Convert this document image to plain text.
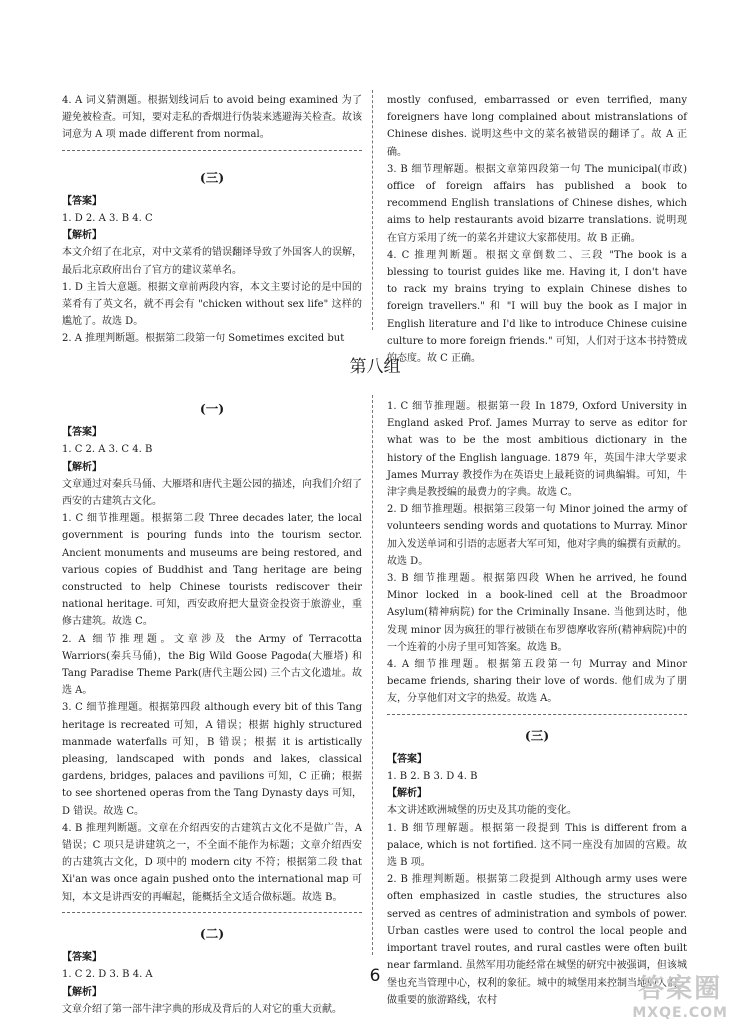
4. A 词义猜测题。根据划线词后 to avoid being examined 为了避免被检查。可知，要对走私的香烟进行伪装来逃避海关检查。故该词意为 A 项 made different from normal。

(三)

【答案】

1. D 2. A 3. B 4. C

【解析】

本文介绍了在北京，对中文菜肴的错误翻译导致了外国客人的误解，最后北京政府出台了官方的建议菜单名。

1. D 主旨大意题。根据文章前两段内容，本文主要讨论的是中国的菜肴有了英文名，就不再会有 "chicken without sex life" 这样的尴尬了。故选 D。

2. A 推理判断题。根据第二段第一句 Sometimes excited but

mostly confused, embarrassed or even terrified, many foreigners have long complained about mistranslations of Chinese dishes. 说明这些中文的菜名被错误的翻译了。故 A 正确。

3. B 细节理解题。根据文章第四段第一句 The municipal(市政) office of foreign affairs has published a book to recommend English translations of Chinese dishes, which aims to help restaurants avoid bizarre translations. 说明现在官方采用了统一的菜名并建议大家都使用。故 B 正确。

4. C 推理判断题。根据文章倒数二、三段 "The book is a blessing to tourist guides like me. Having it, I don't have to rack my brains trying to explain Chinese dishes to foreign travellers." 和 "I will buy the book as I major in English literature and I'd like to introduce Chinese cuisine culture to more foreign friends." 可知，人们对于这本书持赞成的态度。故 C 正确。

第八组
(一)

【答案】

1. C 2. A 3. C 4. B

【解析】

文章通过对秦兵马俑、大雁塔和唐代主题公园的描述，向我们介绍了西安的古建筑古文化。

1. C 细节推理题。根据第二段 Three decades later, the local government is pouring funds into the tourism sector. Ancient monuments and museums are being restored, and various copies of Buddhist and Tang heritage are being constructed to help Chinese tourists rediscover their national heritage. 可知，西安政府把大量资金投资于旅游业，重修古建筑。故选 C。

2. A 细节推理题。文章涉及 the Army of Terracotta Warriors(秦兵马俑)，the Big Wild Goose Pagoda(大雁塔) 和 Tang Paradise Theme Park(唐代主题公园) 三个古文化遗址。故选 A。

3. C 细节推理题。根据第四段 although every bit of this Tang heritage is recreated 可知，A 错误；根据 highly structured manmade waterfalls 可知，B 错误；根据 it is artistically pleasing, landscaped with ponds and lakes, classical gardens, bridges, palaces and pavilions 可知，C 正确；根据 to see shortened operas from the Tang Dynasty days 可知，D 错误。故选 C。

4. B 推理判断题。文章在介绍西安的古建筑古文化不是做广告，A 错误；C 项只是讲建筑之一，不全面不能作为标题；文章介绍西安的古建筑古文化，D 项中的 modern city 不符；根据第二段 that Xi'an was once again pushed onto the international map 可知，本文是讲西安的再崛起，能概括全文适合做标题。故选 B。

(二)

【答案】

1. C 2. D 3. B 4. A

【解析】

文章介绍了第一部牛津字典的形成及背后的人对它的重大贡献。

1. C 细节推理题。根据第一段 In 1879, Oxford University in England asked Prof. James Murray to serve as editor for what was to be the most ambitious dictionary in the history of the English language. 1879 年，英国牛津大学要求 James Murray 教授作为在英语史上最耗资的词典编辑。可知，牛津字典是教授编的最费力的字典。故选 C。

2. D 细节推理题。根据第三段第一句 Minor joined the army of volunteers sending words and quotations to Murray. Minor 加入发送单词和引语的志愿者大军可知，他对字典的编撰有贡献的。故选 D。

3. B 细节推理题。根据第四段 When he arrived, he found Minor locked in a book-lined cell at the Broadmoor Asylum(精神病院) for the Criminally Insane. 当他到达时，他发现 minor 因为疯狂的罪行被锁在布罗德摩收容所(精神病院)中的一个连着的小房子里可知答案。故选 B。

4. A 细节推理题。根据第五段第一句 Murray and Minor became friends, sharing their love of words. 他们成为了朋友，分享他们对文字的热爱。故选 A。

(三)

【答案】

1. B 2. B 3. D 4. B

【解析】

本文讲述欧洲城堡的历史及其功能的变化。

1. B 细节理解题。根据第一段提到 This is different from a palace, which is not fortified. 这不同一座没有加固的宫殿。故选 B 项。

2. B 推理判断题。根据第二段提到 Although army uses were often emphasized in castle studies, the structures also served as centres of administration and symbols of power. Urban castles were used to control the local people and important travel routes, and rural castles were often built near farmland. 虽然军用功能经常在城堡的研究中被强调，但该城堡也充当管理中心，权利的象征。城中的城堡用来控制当地的人们，做重要的旅游路线，农村

6	答案圈
MXQE.COM
